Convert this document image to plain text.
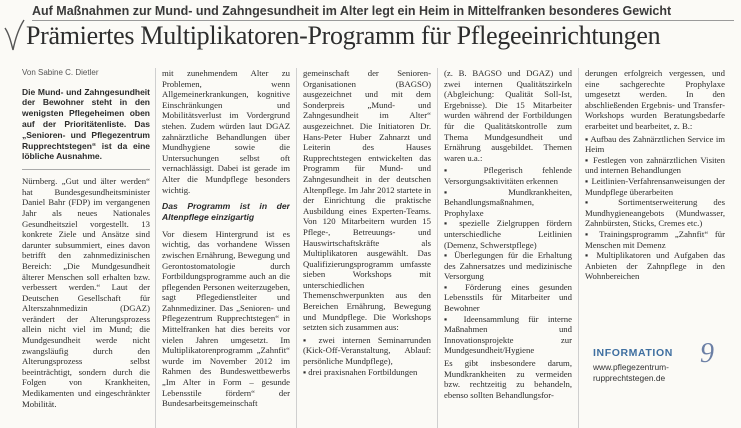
Auf Maßnahmen zur Mund- und Zahngesundheit im Alter legt ein Heim in Mittelfranken besonderes Gewicht
Prämiertes Multiplikatoren-Programm für Pflegeeinrichtungen
Von Sabine C. Dietler
Die Mund- und Zahngesundheit der Bewohner steht in den wenigsten Pflegeheimen oben auf der Prioritätenliste. Das „Senioren- und Pflegezentrum Rupprechtstegen“ ist da eine löbliche Ausnahme.

Nürnberg. „Gut und älter werden“ hat Bundesgesundheitsminister Daniel Bahr (FDP) im vergangenen Jahr als neues Nationales Gesundheitsziel vorgestellt. 13 konkrete Ziele und Ansätze sind darunter subsummiert, eines davon betrifft den zahnmedizinischen Bereich: „Die Mundgesundheit älterer Menschen soll erhalten bzw. verbessert werden.“ Laut der Deutschen Gesellschaft für Alterszahnmedizin (DGAZ) verändert der Alterungsprozess allein nicht viel im Mund; die Mundgesundheit werde nicht zwangsläufig durch den Alterungsprozess selbst beeinträchtigt, sondern durch die Folgen von Krankheiten, Medikamenten und eingeschränkter Mobilität.

mit zunehmendem Alter zu Problemen, wenn Allgemeinerkrankungen, kognitive Einschränkungen und Mobilitätsverlust im Vordergrund stehen. Zudem würden laut DGAZ zahnärztliche Behandlungen über Mundhygiene sowie die Untersuchungen selbst oft vernachlässigt. Dabei ist gerade im Alter die Mundpflege besonders wichtig.

Das Programm ist in der Altenpflege einzigartig

Vor diesem Hintergrund ist es wichtig, das vorhandene Wissen zwischen Ernährung, Bewegung und Gerontostomatologie durch Fortbildungsprogramme auch an die pflegenden Personen weiterzugeben, sagt Pflegedienstleiter und Zahnmediziner. Das „Senioren- und Pflegezentrum Rupprechtstegen“ in Mittelfranken hat dies bereits vor vielen Jahren umgesetzt. Im Multiplikatorenprogramm „Zahnfit“ wurde im November 2012 im Rahmen des Bundeswettbewerbs „Im Alter in Form – gesunde Lebensstile fördern“ der Bundesarbeitsgemeinschaft

gemeinschaft der Senioren-Organisationen (BAGSO) ausgezeichnet und mit dem Sonderpreis „Mund- und Zahngesundheit im Alter“ ausgezeichnet. Die Initiatoren Dr. Hans-Peter Huber Zahnarzt und Leiterin des Hauses Rupprechtstegen entwickelten das Programm für Mund- und Zahngesundheit in der deutschen Altenpflege. Im Jahr 2012 startete in der Einrichtung die praktische Ausbildung eines Experten-Teams. Von 120 Mitarbeitern wurden 15 Pflege-, Betreuungs- und Hauswirtschaftskräfte als Multiplikatoren ausgewählt. Das Qualifizierungsprogramm umfasste sieben Workshops mit unterschiedlichen Themenschwerpunkten aus den Bereichen Ernährung, Bewegung und Mundpflege. Die Workshops setzten sich zusammen aus:

▪ zwei internen Seminarrunden (Kick-Off-Veranstaltung, Ablauf: persönliche Mundpflege),
▪ drei praxisnahen Fortbildungen

(z. B. BAGSO und DGAZ) und zwei internen Qualitätszirkeln (Abgleichung: Qualität Soll-Ist, Ergebnisse). Die 15 Mitarbeiter wurden während der Fortbildungen für die Qualitätskontrolle zum Thema Mundgesundheit und Ernährung ausgebildet. Themen waren u.a.:

▪ Pflegerisch fehlende Versorgungsaktivitäten erkennen
▪ Mundkrankheiten, Behandlungsmaßnahmen, Prophylaxe
▪ spezielle Zielgruppen fördern unterschiedliche Leitlinien (Demenz, Schwerstpflege)
▪ Überlegungen für die Erhaltung des Zahnersatzes und medizinische Versorgung
▪ Förderung eines gesunden Lebensstils für Mitarbeiter und Bewohner
▪ Ideensammlung für interne Maßnahmen und Innovationsprojekte zur Mundgesundheit/Hygiene

Es gibt insbesondere darum, Mundkrankheiten zu vermeiden bzw. rechtzeitig zu behandeln, ebenso sollten Behandlungsfor-

derungen erfolgreich vergessen, und eine sachgerechte Prophylaxe umgesetzt werden. In den abschließenden Ergebnis- und Transfer-Workshops wurden Beratungsbedarfe erarbeitet und bearbeitet, z. B.:

▪ Aufbau des Zahnärztlichen Service im Heim
▪ Festlegen von zahnärztlichen Visiten und internen Behandlungen
▪ Leitlinien-Verfahrensanweisungen der Mundpflege überarbeiten
▪ Sortimentserweiterung des Mundhygieneangebots (Mundwasser, Zahnbürsten, Sticks, Cremes etc.)
▪ Trainingsprogramm „Zahnfit“ für Menschen mit Demenz
▪ Multiplikatoren und Aufgaben das Anbieten der Zahnpflege in den Wohnbereichen
INFORMATION
www.pflegezentrum-
rupprechtstegen.de
9
